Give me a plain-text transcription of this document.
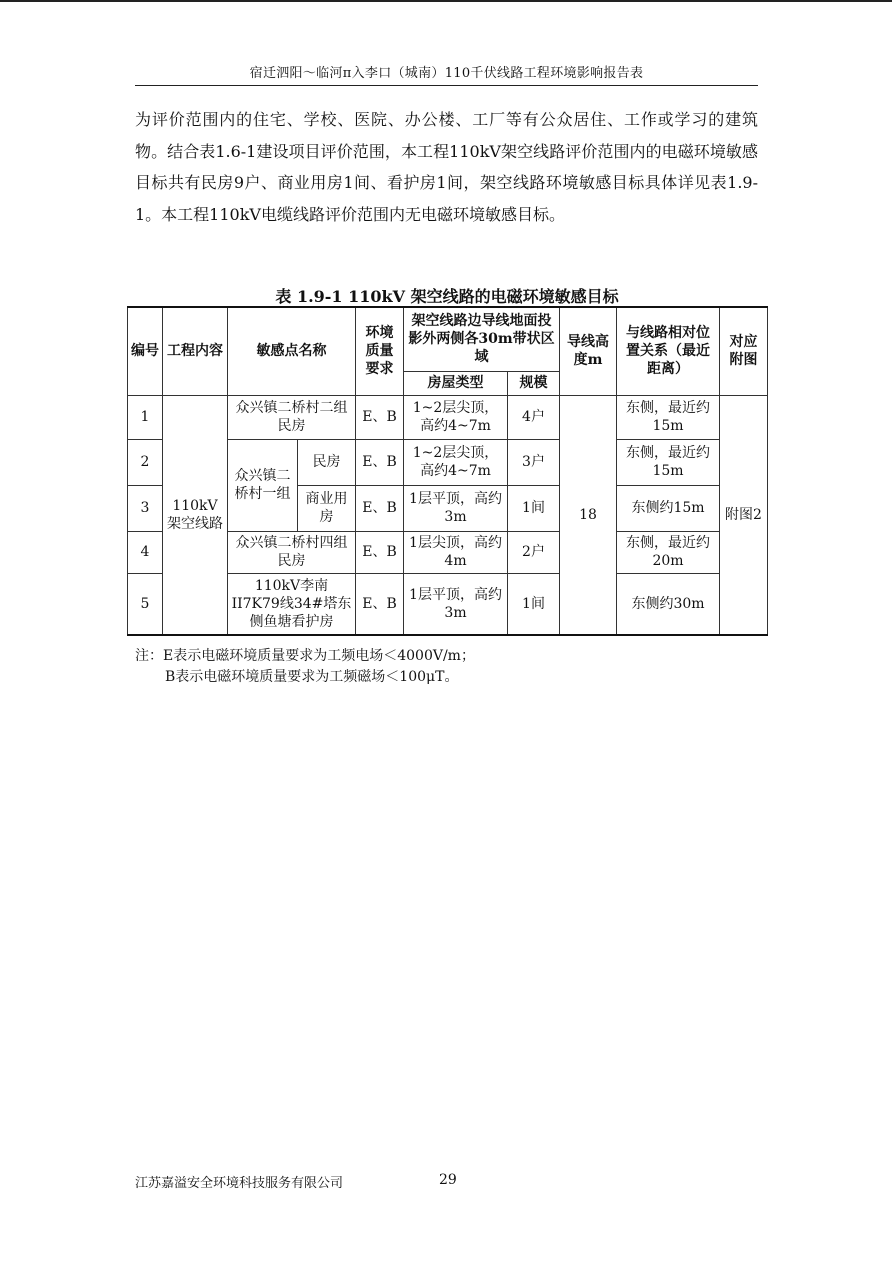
宿迁泗阳～临河π入李口（城南）110千伏线路工程环境影响报告表

为评价范围内的住宅、学校、医院、办公楼、工厂等有公众居住、工作或学习的建筑物。结合表1.6-1建设项目评价范围，本工程110kV架空线路评价范围内的电磁环境敏感目标共有民房9户、商业用房1间、看护房1间，架空线路环境敏感目标具体详见表1.9-1。本工程110kV电缆线路评价范围内无电磁环境敏感目标。

表 1.9-1 110kV 架空线路的电磁环境敏感目标
编号	工程内容	敏感点名称		环境质量要求	架空线路边导线地面投影外两侧各30m带状区域		导线高度m	与线路相对位置关系（最近距离）	对应附图
					房屋类型	规模			
1	110kV架空线路	众兴镇二桥村二组民房		E、B	1~2层尖顶，高约4~7m	4户	18	东侧，最近约15m	附图2
2		众兴镇二桥村一组	民房	E、B	1~2层尖顶，高约4~7m	3户		东侧，最近约15m	
3			商业用房	E、B	1层平顶，高约3m	1间		东侧约15m	
4		众兴镇二桥村四组民房		E、B	1层尖顶，高约4m	2户		东侧，最近约20m	
5		110kV李南II7K79线34#塔东侧鱼塘看护房		E、B	1层平顶，高约3m	1间		东侧约30m	
注：E表示电磁环境质量要求为工频电场＜4000V/m；
B表示电磁环境质量要求为工频磁场＜100μT。
江苏嘉溢安全环境科技服务有限公司	29
